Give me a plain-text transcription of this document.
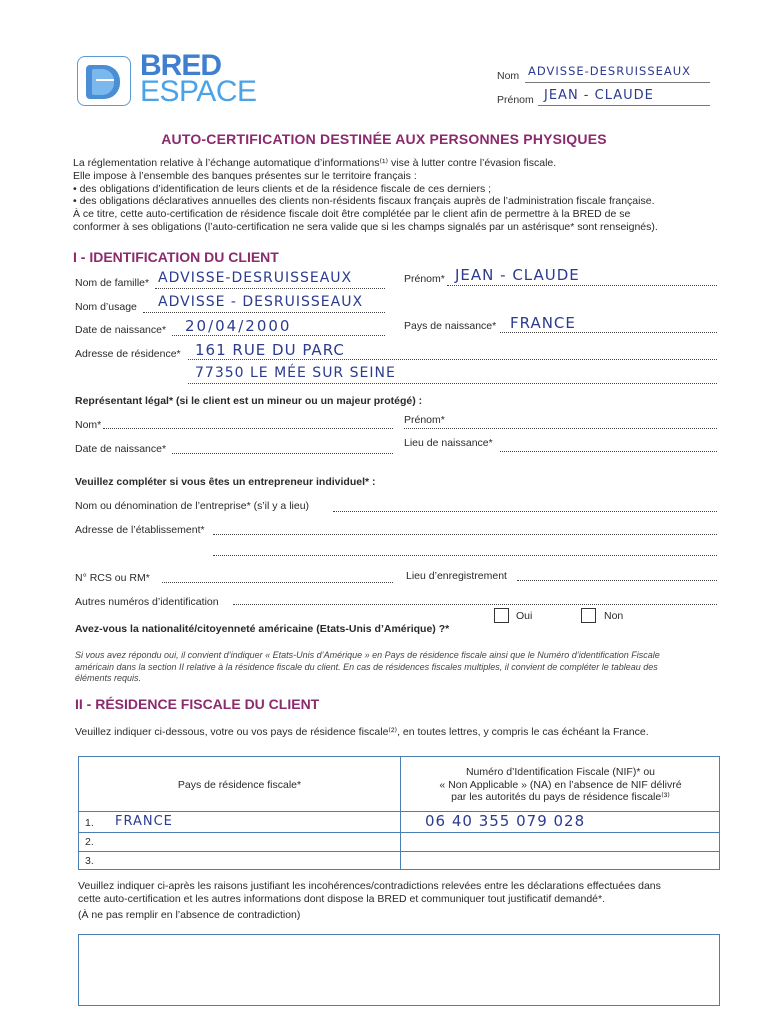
BRED
ESPACE	Nom ADVISSE-DESRUISSEAUX
Prénom JEAN - CLAUDE
AUTO-CERTIFICATION DESTINÉE AUX PERSONNES PHYSIQUES

La réglementation relative à l’échange automatique d’informations⁽¹⁾ vise à lutter contre l’évasion fiscale.

Elle impose à l’ensemble des banques présentes sur le territoire français :

• des obligations d’identification de leurs clients et de la résidence fiscale de ces derniers ;

• des obligations déclaratives annuelles des clients non-résidents fiscaux français auprès de l’administration fiscale française.

À ce titre, cette auto-certification de résidence fiscale doit être complétée par le client afin de permettre à la BRED de se

conformer à ses obligations (l’auto-certification ne sera valide que si les champs signalés par un astérisque* sont renseignés).

I - IDENTIFICATION DU CLIENT
Nom de famille* ADVISSE-DESRUISSEAUX	Prénom* JEAN - CLAUDE
Nom d’usage ADVISSE - DESRUISSEAUX
Date de naissance* 20/04/2000	Pays de naissance* FRANCE
Adresse de résidence* 161 RUE DU PARC
77350 LE MÉE SUR SEINE
Représentant légal* (si le client est un mineur ou un majeur protégé) :
Nom*	Prénom*
Date de naissance*	Lieu de naissance*
Veuillez compléter si vous êtes un entrepreneur individuel* :
Nom ou dénomination de l’entreprise* (s’il y a lieu)
Adresse de l’établissement*
N° RCS ou RM*	Lieu d’enregistrement
Autres numéros d’identification
Oui	Non
Avez-vous la nationalité/citoyenneté américaine (Etats-Unis d’Amérique) ?*
Si vous avez répondu oui, il convient d’indiquer « Etats-Unis d’Amérique » en Pays de résidence fiscale ainsi que le Numéro d’identification Fiscale
américain dans la section II relative à la résidence fiscale du client. En cas de résidences fiscales multiples, il convient de compléter le tableau des
éléments requis.
II - RÉSIDENCE FISCALE DU CLIENT
Veuillez indiquer ci-dessous, votre ou vos pays de résidence fiscale⁽²⁾, en toutes lettres, y compris le cas échéant la France.
Pays de résidence fiscale*
Numéro d’Identification Fiscale (NIF)* ou
« Non Applicable » (NA) en l’absence de NIF délivré
par les autorités du pays de résidence fiscale⁽³⁾
1. FRANCE	06 40 355 079 028
2.
3.
Veuillez indiquer ci-après les raisons justifiant les incohérences/contradictions relevées entre les déclarations effectuées dans
cette auto-certification et les autres informations dont dispose la BRED et communiquer tout justificatif demandé*.
(À ne pas remplir en l’absence de contradiction)
